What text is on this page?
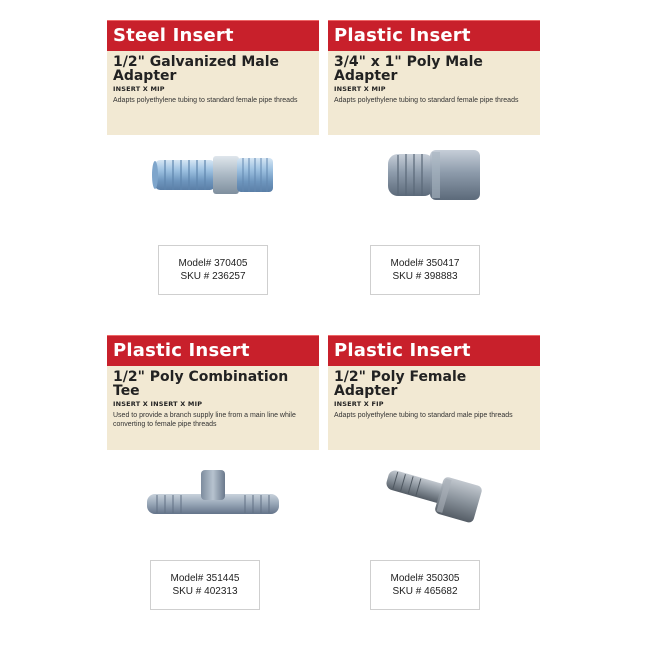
Steel Insert
1/2" Galvanized Male Adapter
INSERT X MIP
Adapts polyethylene tubing to standard female pipe threads
Model# 370405
SKU # 236257
Plastic Insert
3/4" x 1" Poly Male Adapter
INSERT X MIP
Adapts polyethylene tubing to standard female pipe threads
Model# 350417
SKU # 398883
Plastic Insert
1/2" Poly Combination Tee
INSERT X INSERT X MIP
Used to provide a branch supply line from a main line while converting to female pipe threads
Model# 351445
SKU # 402313
Plastic Insert
1/2" Poly Female Adapter
INSERT X FIP
Adapts polyethylene tubing to standard male pipe threads
Model# 350305
SKU # 465682
